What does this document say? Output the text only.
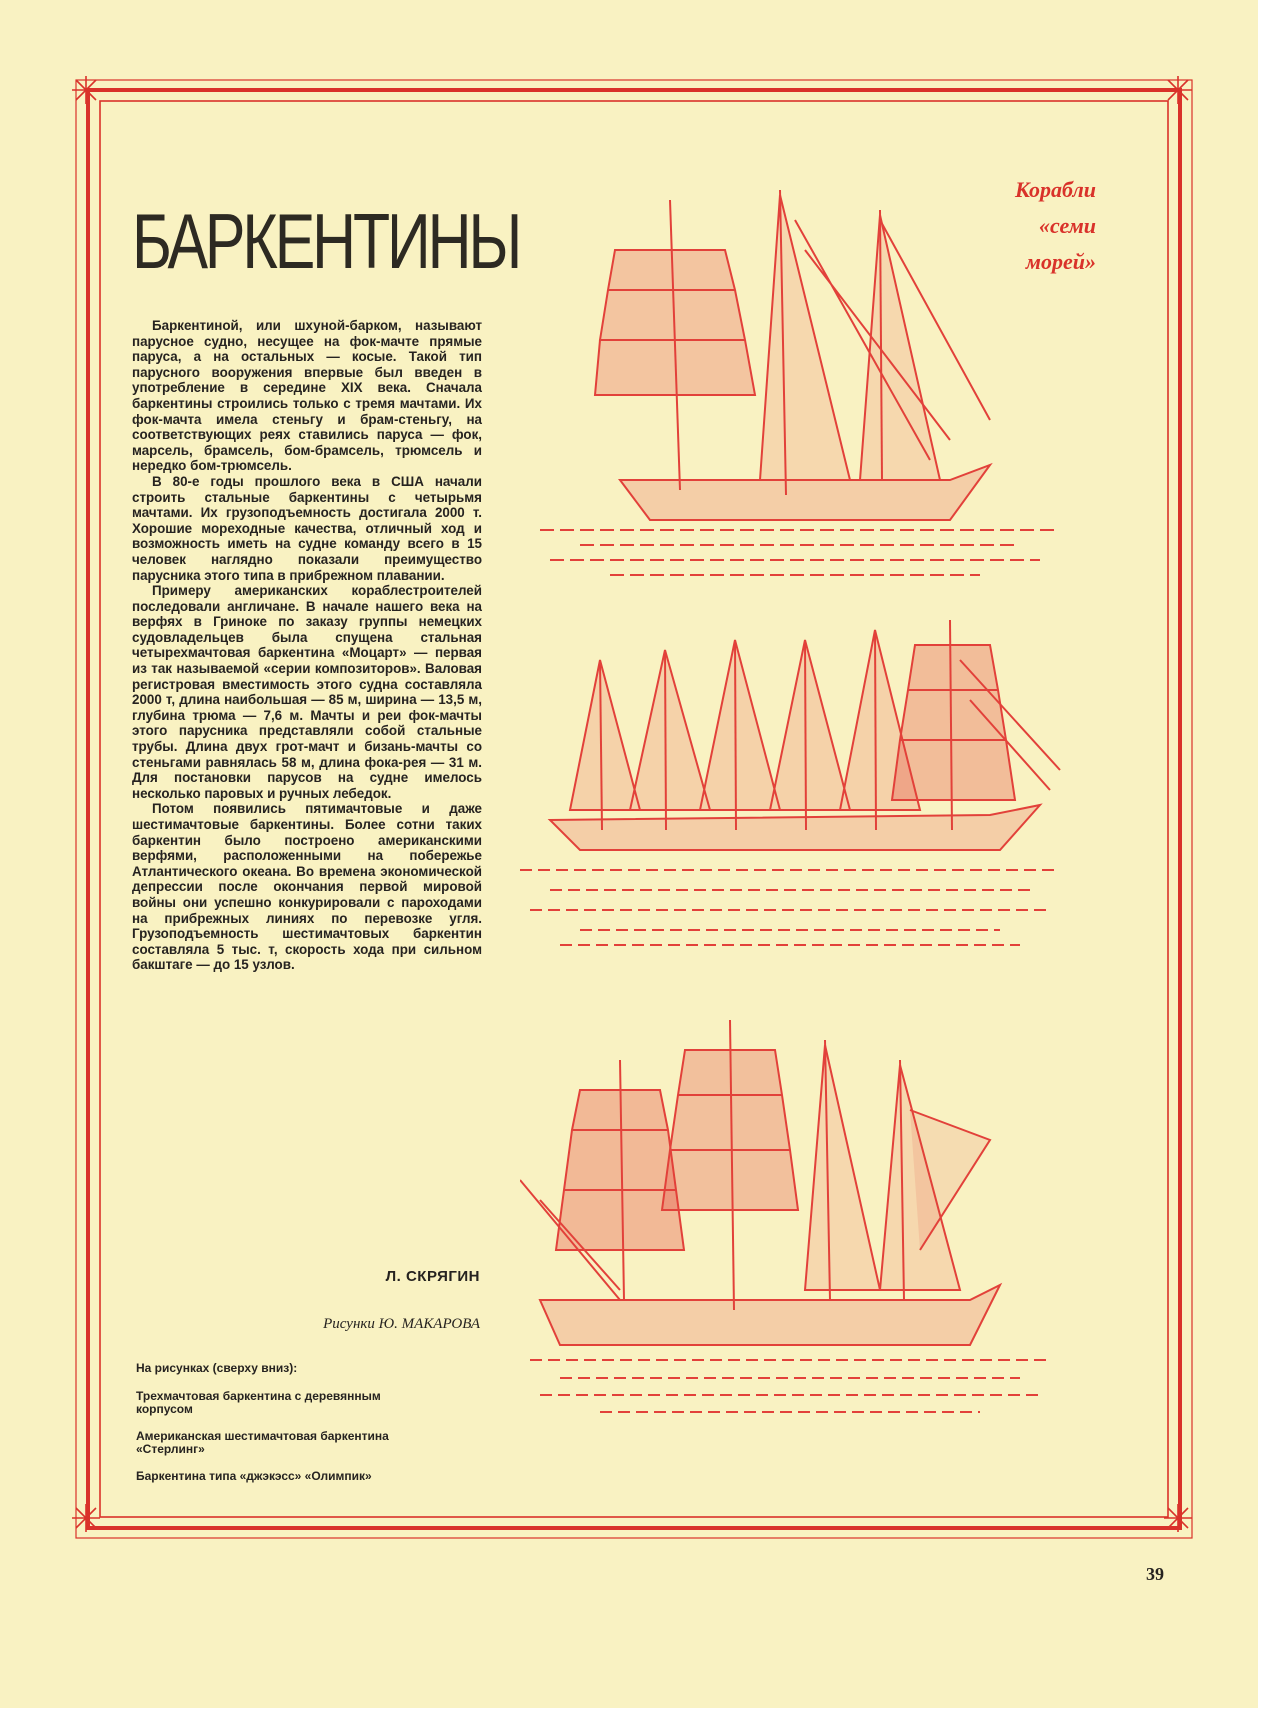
БАРКЕНТИНЫ
Корабли
«семи
морей»

Баркентиной, или шхуной-барком, называют парусное судно, несущее на фок-мачте прямые паруса, а на остальных — косые. Такой тип парусного вооружения впервые был введен в употребление в середине XIX века. Сначала баркентины строились только с тремя мачтами. Их фок-мачта имела стеньгу и брам-стеньгу, на соответствующих реях ставились паруса — фок, марсель, брамсель, бом-брамсель, трюмсель и нередко бом-трюмсель.

В 80-е годы прошлого века в США начали строить стальные баркентины с четырьмя мачтами. Их грузоподъемность достигала 2000 т. Хорошие мореходные качества, отличный ход и возможность иметь на судне команду всего в 15 человек наглядно показали преимущество парусника этого типа в прибрежном плавании.

Примеру американских кораблестроителей последовали англичане. В начале нашего века на верфях в Гриноке по заказу группы немецких судовладельцев была спущена стальная четырехмачтовая баркентина «Моцарт» — первая из так называемой «серии композиторов». Валовая регистровая вместимость этого судна составляла 2000 т, длина наибольшая — 85 м, ширина — 13,5 м, глубина трюма — 7,6 м. Мачты и реи фок-мачты этого парусника представляли собой стальные трубы. Длина двух грот-мачт и бизань-мачты со стеньгами равнялась 58 м, длина фока-рея — 31 м. Для постановки парусов на судне имелось несколько паровых и ручных лебедок.

Потом появились пятимачтовые и даже шестимачтовые баркентины. Более сотни таких баркентин было построено американскими верфями, расположенными на побережье Атлантического океана. Во времена экономической депрессии после окончания первой мировой войны они успешно конкурировали с пароходами на прибрежных линиях по перевозке угля. Грузоподъемность шестимачтовых баркентин составляла 5 тыс. т, скорость хода при сильном бакштаге — до 15 узлов.

Л. СКРЯГИН
Рисунки Ю. МАКАРОВА
На рисунках (сверху вниз):
Трехмачтовая баркентина с деревянным корпусом
Американская шестимачтовая баркентина «Стерлинг»
Баркентина типа «джэкэсс» «Олимпик»
39
